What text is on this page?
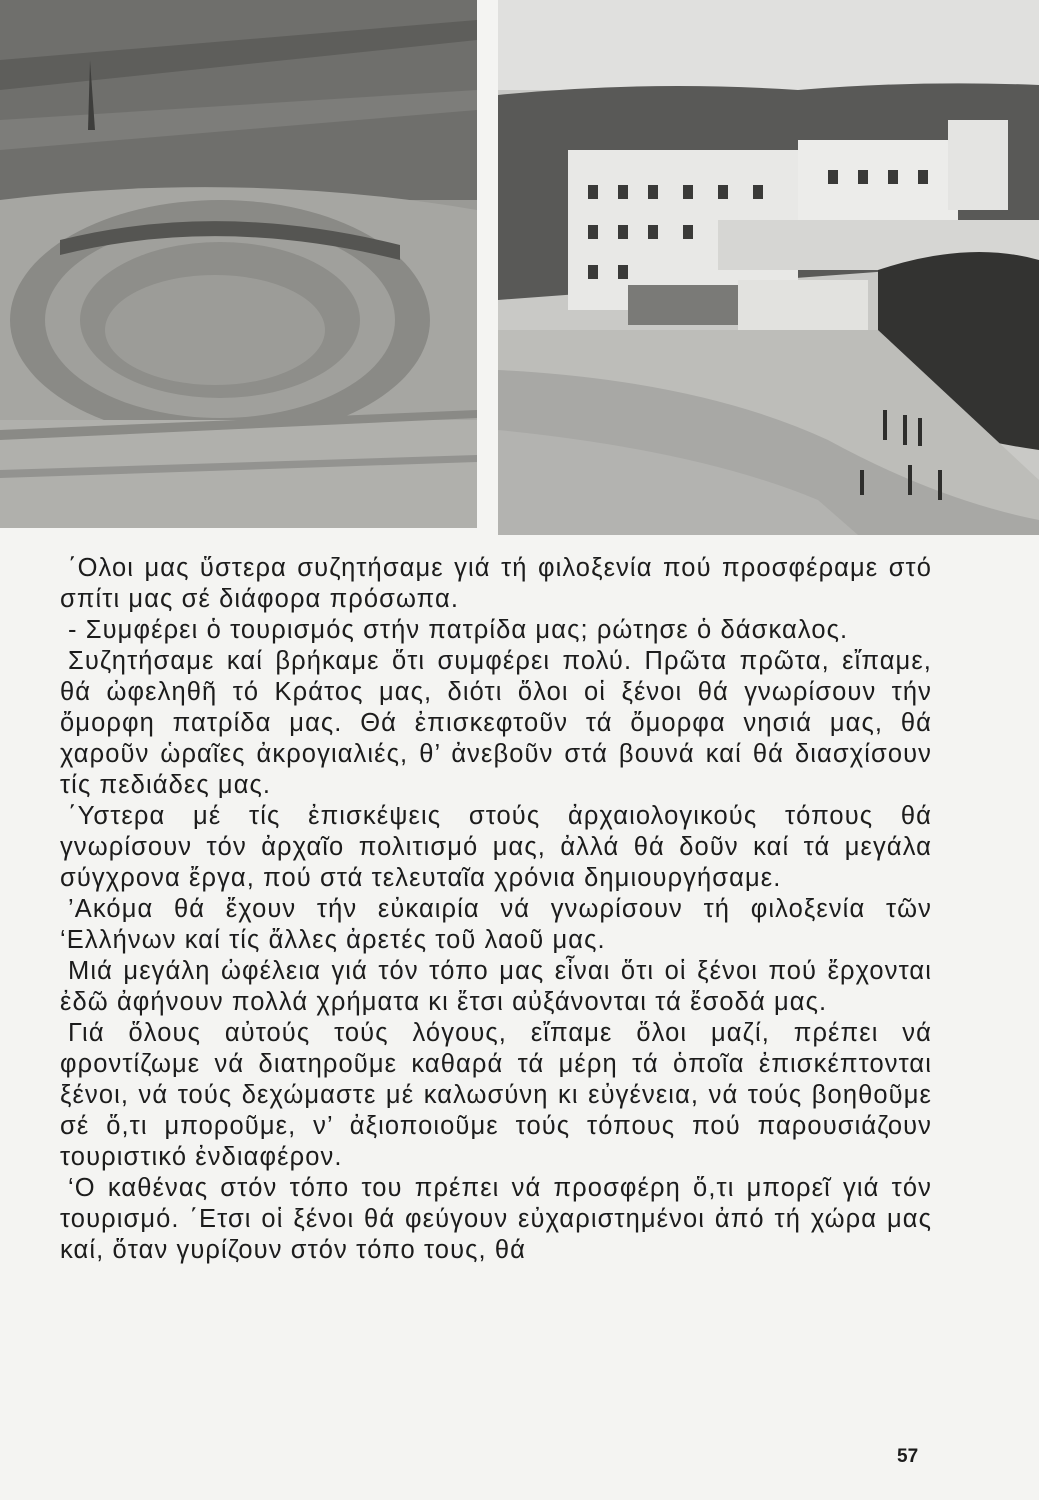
΄Ολοι μας ὕστερα συζητήσαμε γιά τή φιλοξενία πού προσφέραμε στό σπίτι μας σέ διάφορα πρόσωπα.

- Συμφέρει ὁ τουρισμός στήν πατρίδα μας; ρώτησε ὁ δάσκαλος.

Συζητήσαμε καί βρήκαμε ὅτι συμφέρει πολύ. Πρῶτα πρῶτα, εἴπαμε, θά ὠφεληθῆ τό Κράτος μας, διότι ὅλοι οἱ ξένοι θά γνωρίσουν τήν ὄμορφη πατρίδα μας. Θά ἐπισκεφτοῦν τά ὄμορφα νησιά μας, θά χαροῦν ὡραῖες ἀκρογιαλιές, θ’ ἀνεβοῦν στά βουνά καί θά διασχίσουν τίς πεδιάδες μας.

΄Υστερα μέ τίς ἐπισκέψεις στούς ἀρχαιολογικούς τόπους θά γνωρίσουν τόν ἀρχαῖο πολιτισμό μας, ἀλλά θά δοῦν καί τά μεγάλα σύγχρονα ἔργα, πού στά τελευταῖα χρόνια δημιουργήσαμε.

’Ακόμα θά ἔχουν τήν εὐκαιρία νά γνωρίσουν τή φιλοξενία τῶν ‘Ελλήνων καί τίς ἄλλες ἀρετές τοῦ λαοῦ μας.

Μιά μεγάλη ὠφέλεια γιά τόν τόπο μας εἶναι ὅτι οἱ ξένοι πού ἔρχονται ἐδῶ ἀφήνουν πολλά χρήματα κι ἔτσι αὐξάνονται τά ἔσοδά μας.

Γιά ὅλους αὐτούς τούς λόγους, εἴπαμε ὅλοι μαζί, πρέπει νά φροντίζωμε νά διατηροῦμε καθαρά τά μέρη τά ὁποῖα ἐπισκέπτονται ξένοι, νά τούς δεχώμαστε μέ καλωσύνη κι εὐγένεια, νά τούς βοηθοῦμε σέ ὅ,τι μποροῦμε, ν’ ἀξιοποιοῦμε τούς τόπους πού παρουσιάζουν τουριστικό ἐνδιαφέρον.

‘Ο καθένας στόν τόπο του πρέπει νά προσφέρη ὅ,τι μπορεῖ γιά τόν τουρισμό. ΄Ετσι οἱ ξένοι θά φεύγουν εὐχαριστημένοι ἀπό τή χώρα μας καί, ὅταν γυρίζουν στόν τόπο τους, θά

57
